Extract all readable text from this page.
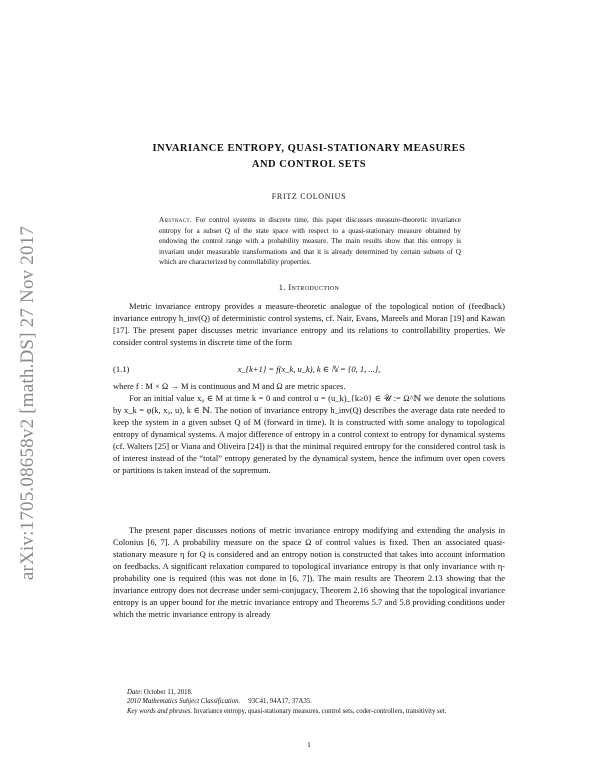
arXiv:1705.08658v2 [math.DS] 27 Nov 2017
INVARIANCE ENTROPY, QUASI-STATIONARY MEASURES
AND CONTROL SETS
FRITZ COLONIUS
Abstract. For control systems in discrete time, this paper discusses measure-theoretic invariance entropy for a subset Q of the state space with respect to a quasi-stationary measure obtained by endowing the control range with a probability measure. The main results show that this entropy is invariant under measurable transformations and that it is already determined by certain subsets of Q which are characterized by controllability properties.
1. Introduction
Metric invariance entropy provides a measure-theoretic analogue of the topological notion of (feedback) invariance entropy h_inv(Q) of deterministic control systems, cf. Nair, Evans, Mareels and Moran [19] and Kawan [17]. The present paper discusses metric invariance entropy and its relations to controllability properties. We consider control systems in discrete time of the form
(1.1)	x_{k+1} = f(x_k, u_k), k ∈ ℕ = {0, 1, ...},
where f : M × Ω → M is continuous and M and Ω are metric spaces.
For an initial value x₀ ∈ M at time k = 0 and control u = (u_k)_{k≥0} ∈ 𝒰 := Ω^ℕ we denote the solutions by x_k = φ(k, x₀, u), k ∈ ℕ. The notion of invariance entropy h_inv(Q) describes the average data rate needed to keep the system in a given subset Q of M (forward in time). It is constructed with some analogy to topological entropy of dynamical systems. A major difference of entropy in a control context to entropy for dynamical systems (cf. Walters [25] or Viana and Oliveira [24]) is that the minimal required entropy for the considered control task is of interest instead of the “total” entropy generated by the dynamical system, hence the infimum over open covers or partitions is taken instead of the supremum.
The present paper discusses notions of metric invariance entropy modifying and extending the analysis in Colonius [6, 7]. A probability measure on the space Ω of control values is fixed. Then an associated quasi-stationary measure η for Q is considered and an entropy notion is constructed that takes into account information on feedbacks. A significant relaxation compared to topological invariance entropy is that only invariance with η-probability one is required (this was not done in [6, 7]). The main results are Theorem 2.13 showing that the invariance entropy does not decrease under semi-conjugacy, Theorem 2.16 showing that the topological invariance entropy is an upper bound for the metric invariance entropy and Theorems 5.7 and 5.8 providing conditions under which the metric invariance entropy is already
Date: October 11, 2018.
2010 Mathematics Subject Classification. 93C41, 94A17, 37A35.
Key words and phrases. Invariance entropy, quasi-stationary measures, control sets, coder-controllers, transitivity set.
1
